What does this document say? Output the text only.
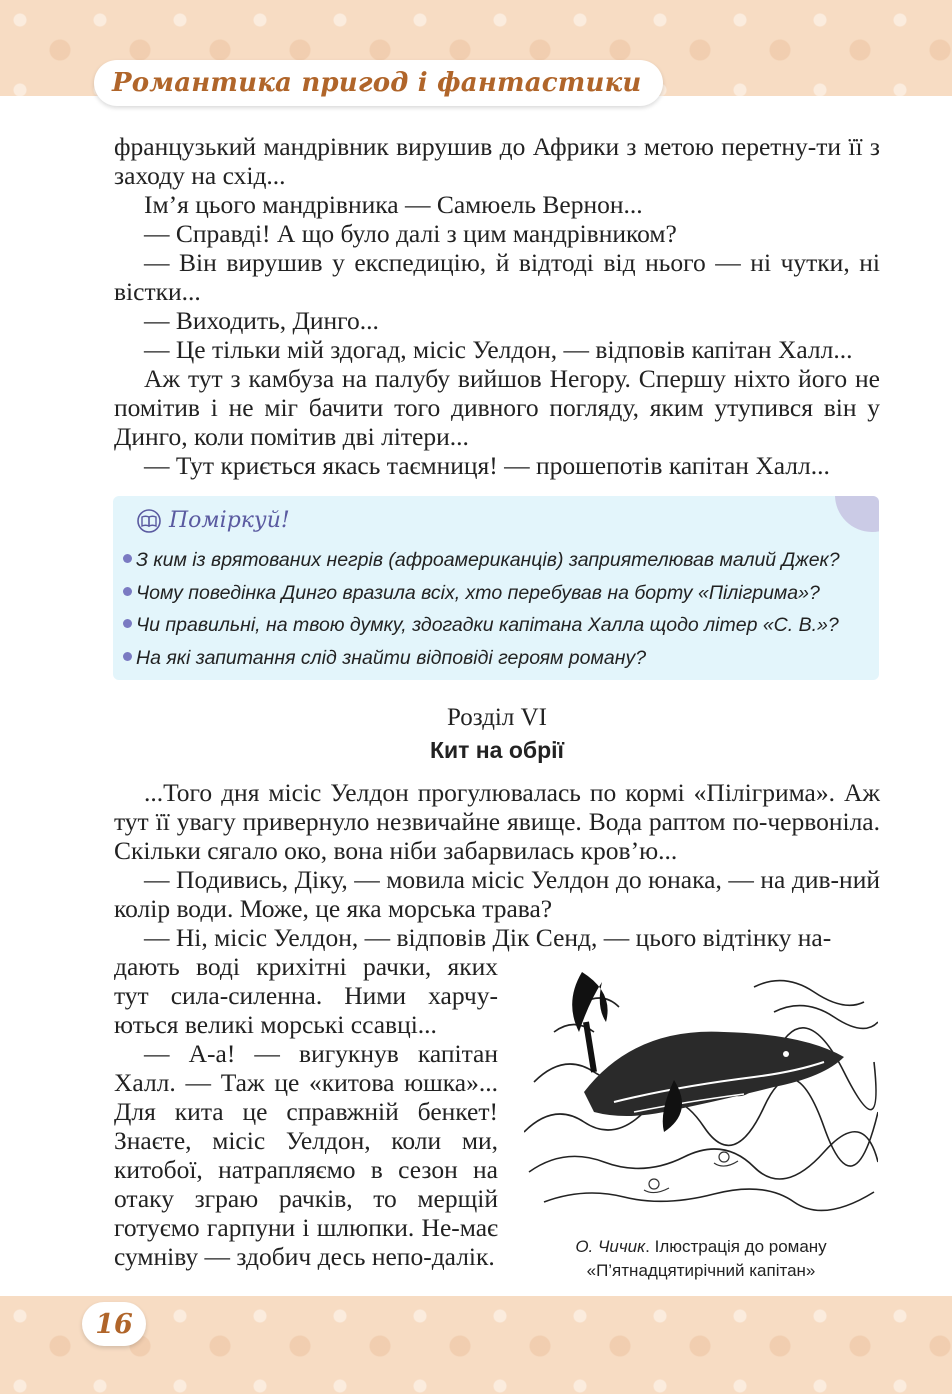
Романтика пригод і фантастики

французький мандрівник вирушив до Африки з метою перетну-ти її з заходу на схід...

Ім’я цього мандрівника — Самюель Вернон...

— Справді! А що було далі з цим мандрівником?

— Він вирушив у експедицію, й відтоді від нього — ні чутки, ні вістки...

— Виходить, Динго...

— Це тільки мій здогад, місіс Уелдон, — відповів капітан Халл...

Аж тут з камбуза на палубу вийшов Негору. Спершу ніхто його не помітив і не міг бачити того дивного погляду, яким утупився він у Динго, коли помітив дві літери...

— Тут криється якась таємниця! — прошепотів капітан Халл...

Поміркуй!
З ким із врятованих негрів (афроамериканців) заприятелював малий Джек?
Чому поведінка Динго вразила всіх, хто перебував на борту «Пілігрима»?
Чи правильні, на твою думку, здогадки капітана Халла щодо літер «С. В.»?
На які запитання слід знайти відповіді героям роману?
Розділ VI
Кит на обрії

...Того дня місіс Уелдон прогулювалась по кормі «Пілігрима». Аж тут її увагу привернуло незвичайне явище. Вода раптом по-червоніла. Скільки сягало око, вона ніби забарвилась кров’ю...

— Подивись, Діку, — мовила місіс Уелдон до юнака, — на див-ний колір води. Може, це яка морська трава?

— Ні, місіс Уелдон, — відповів Дік Сенд, — цього відтінку на-

дають воді крихітні рачки, яких тут сила-силенна. Ними харчу-ються великі морські ссавці...

— А-а! — вигукнув капітан Халл. — Таж це «китова юшка»... Для кита це справжній бенкет! Знаєте, місіс Уелдон, коли ми, китобої, натрапляємо в сезон на отаку зграю рачків, то мерщій готуємо гарпуни і шлюпки. Не-має сумніву — здобич десь непо-далік.	О. Чичик. Ілюстрація до роману
«П’ятнадцятирічний капітан»
16
